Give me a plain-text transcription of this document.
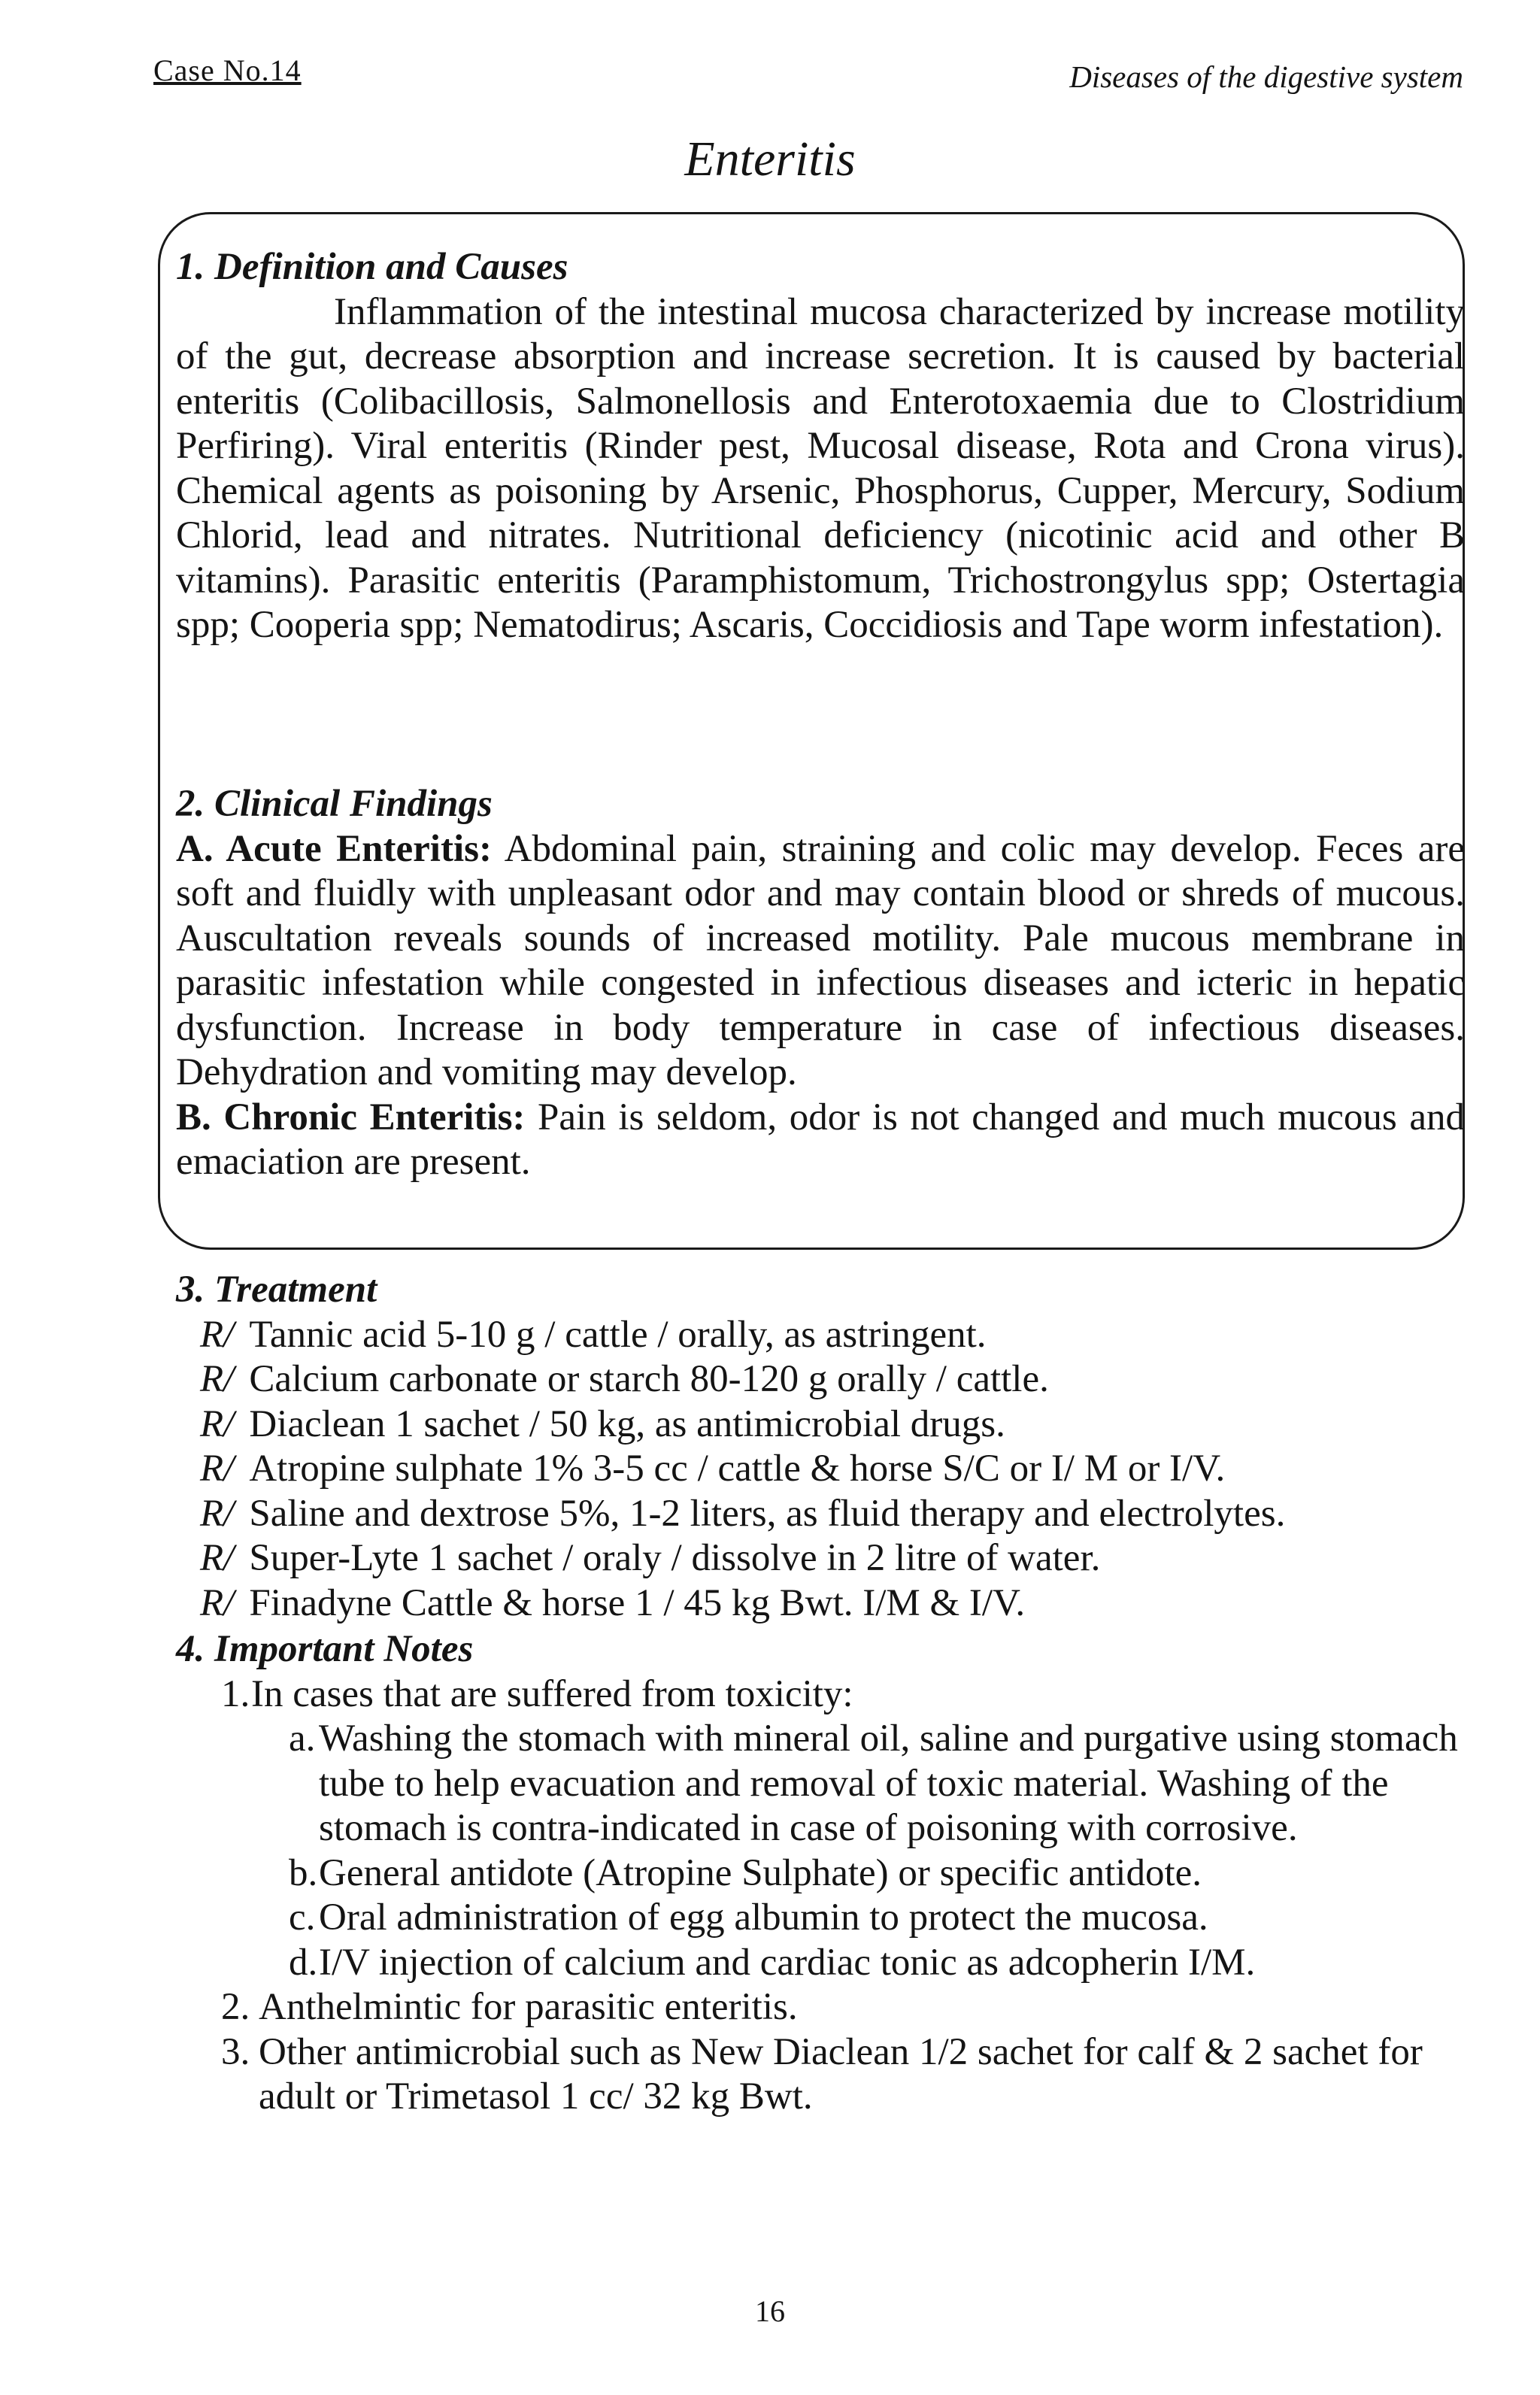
Case No.14	Diseases of the digestive system
Enteritis
1. Definition and Causes
Inflammation of the intestinal mucosa characterized by increase motility of the gut, decrease absorption and increase secretion. It is caused by bacterial enteritis (Colibacillosis, Salmonellosis and Enterotoxaemia due to Clostridium Perfiring). Viral enteritis (Rinder pest, Mucosal disease, Rota and Crona virus). Chemical agents as poisoning by Arsenic, Phosphorus, Cupper, Mercury, Sodium Chlorid, lead and nitrates. Nutritional deficiency (nicotinic acid and other B vitamins). Parasitic enteritis (Paramphistomum, Trichostrongylus spp; Ostertagia spp; Cooperia spp; Nematodirus; Ascaris, Coccidiosis and Tape worm infestation).
2. Clinical Findings
A. Acute Enteritis: Abdominal pain, straining and colic may develop. Feces are soft and fluidly with unpleasant odor and may contain blood or shreds of mucous. Auscultation reveals sounds of increased motility. Pale mucous membrane in parasitic infestation while congested in infectious diseases and icteric in hepatic dysfunction. Increase in body temperature in case of infectious diseases. Dehydration and vomiting may develop.
B. Chronic Enteritis: Pain is seldom, odor is not changed and much mucous and emaciation are present.
3. Treatment
R/ Tannic acid 5-10 g / cattle / orally, as astringent.
R/ Calcium carbonate or starch 80-120 g orally / cattle.
R/ Diaclean 1 sachet / 50 kg, as antimicrobial drugs.
R/ Atropine sulphate 1% 3-5 cc / cattle & horse S/C or I/ M or I/V.
R/ Saline and dextrose 5%, 1-2 liters, as fluid therapy and electrolytes.
R/ Super-Lyte 1 sachet / oraly / dissolve in 2 litre of water.
R/ Finadyne Cattle & horse 1 / 45 kg Bwt. I/M & I/V.
4. Important Notes
1.In cases that are suffered from toxicity:
a. Washing the stomach with mineral oil, saline and purgative using stomach tube to help evacuation and removal of toxic material. Washing of the stomach is contra-indicated in case of poisoning with corrosive.
b. General antidote (Atropine Sulphate) or specific antidote.
c. Oral administration of egg albumin to protect the mucosa.
d. I/V injection of calcium and cardiac tonic as adcopherin I/M.
2. Anthelmintic for parasitic enteritis.
3. Other antimicrobial such as New Diaclean 1/2 sachet for calf & 2 sachet for adult or Trimetasol 1 cc/ 32 kg Bwt.
16
